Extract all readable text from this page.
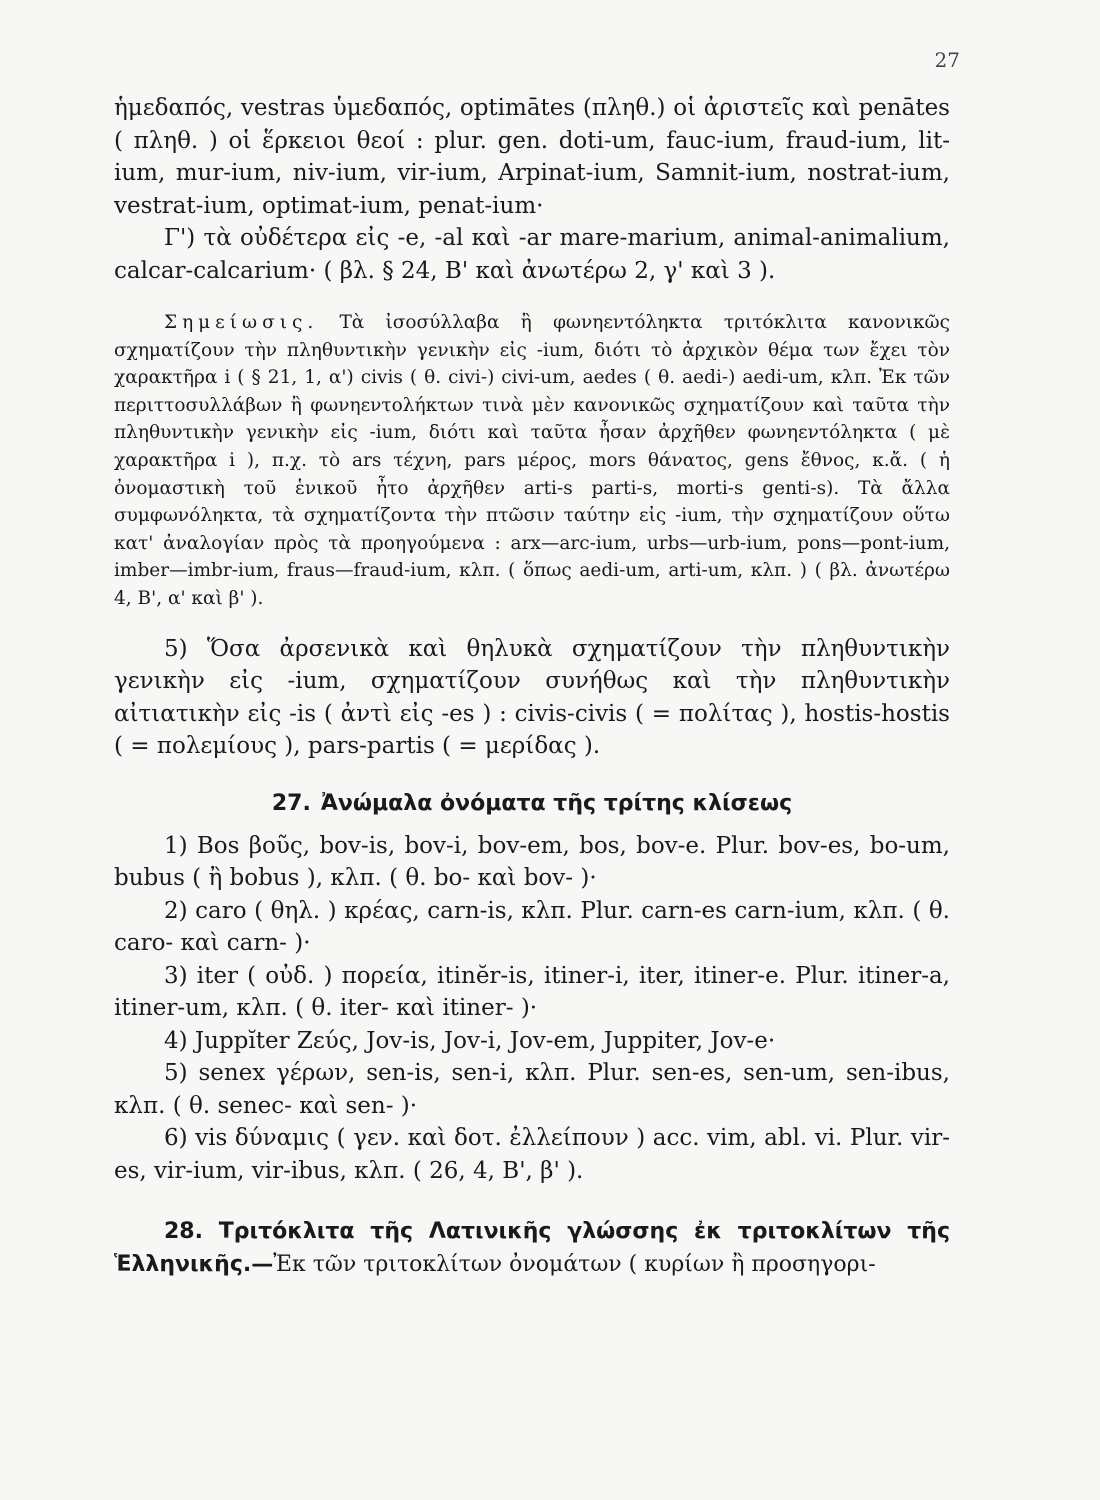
27

ἡμεδαπός, vestras ὑμεδαπός, optimātes (πληθ.) οἱ ἀριστεῖς καὶ penātes ( πληθ. ) οἱ ἕρκειοι θεοί : plur. gen. doti-um, fauc-ium, fraud-ium, lit-ium, mur-ium, niv-ium, vir-ium, Arpinat-ium, Samnit-ium, nostrat-ium, vestrat-ium, optimat-ium, penat-ium·

Γ') τὰ οὐδέτερα εἰς -e, -al καὶ -ar mare-marium, animal-animalium, calcar-calcarium· ( βλ. § 24, Β' καὶ ἀνωτέρω 2, γ' καὶ 3 ).

Σημείωσις. Τὰ ἰσοσύλλαβα ἢ φωνηεντόληκτα τριτόκλιτα κανονικῶς σχηματίζουν τὴν πληθυντικὴν γενικὴν εἰς -ium, διότι τὸ ἀρχικὸν θέμα των ἔχει τὸν χαρακτῆρα i ( § 21, 1, α') civis ( θ. civi-) civi-um, aedes ( θ. aedi-) aedi-um, κλπ. Ἐκ τῶν περιττοσυλλάβων ἢ φωνηεντολήκτων τινὰ μὲν κανονικῶς σχηματίζουν καὶ ταῦτα τὴν πληθυντικὴν γενικὴν εἰς -ium, διότι καὶ ταῦτα ἦσαν ἀρχῆθεν φωνηεντόληκτα ( μὲ χαρακτῆρα i ), π.χ. τὸ ars τέχνη, pars μέρος, mors θάνατος, gens ἔθνος, κ.ἄ. ( ἡ ὀνομαστικὴ τοῦ ἑνικοῦ ἦτο ἀρχῆθεν arti-s parti-s, morti-s genti-s). Τὰ ἄλλα συμφωνόληκτα, τὰ σχηματίζοντα τὴν πτῶσιν ταύτην εἰς -ium, τὴν σχηματίζουν οὕτω κατ' ἀναλογίαν πρὸς τὰ προηγούμενα : arx—arc-ium, urbs—urb-ium, pons—pont-ium, imber—imbr-ium, fraus—fraud-ium, κλπ. ( ὅπως aedi-um, arti-um, κλπ. ) ( βλ. ἀνωτέρω 4, Β', α' καὶ β' ).

5) Ὅσα ἀρσενικὰ καὶ θηλυκὰ σχηματίζουν τὴν πληθυντικὴν γενικὴν εἰς -ium, σχηματίζουν συνήθως καὶ τὴν πληθυντικὴν αἰτιατικὴν εἰς -is ( ἀντὶ εἰς -es ) : civis-civis ( = πολίτας ), hostis-hostis ( = πολεμίους ), pars-partis ( = μερίδας ).

27. Ἀνώμαλα ὀνόματα τῆς τρίτης κλίσεως

1) Bos βοῦς, bov-is, bov-i, bov-em, bos, bov-e. Plur. bov-es, bo-um, bubus ( ἢ bobus ), κλπ. ( θ. bo- καὶ bov- )·

2) caro ( θηλ. ) κρέας, carn-is, κλπ. Plur. carn-es carn-ium, κλπ. ( θ. caro- καὶ carn- )·

3) iter ( οὐδ. ) πορεία, itinĕr-is, itiner-i, iter, itiner-e. Plur. itiner-a, itiner-um, κλπ. ( θ. iter- καὶ itiner- )·

4) Juppĭter Ζεύς, Jov-is, Jov-i, Jov-em, Juppiter, Jov-e·

5) senex γέρων, sen-is, sen-i, κλπ. Plur. sen-es, sen-um, sen-ibus, κλπ. ( θ. senec- καὶ sen- )·

6) vis δύναμις ( γεν. καὶ δοτ. ἐλλείπουν ) acc. vim, abl. vi. Plur. vir-es, vir-ium, vir-ibus, κλπ. ( 26, 4, Β', β' ).

28. Τριτόκλιτα τῆς Λατινικῆς γλώσσης ἐκ τριτοκλίτων τῆς Ἑλληνικῆς.—Ἐκ τῶν τριτοκλίτων ὀνομάτων ( κυρίων ἢ προσηγορι-
